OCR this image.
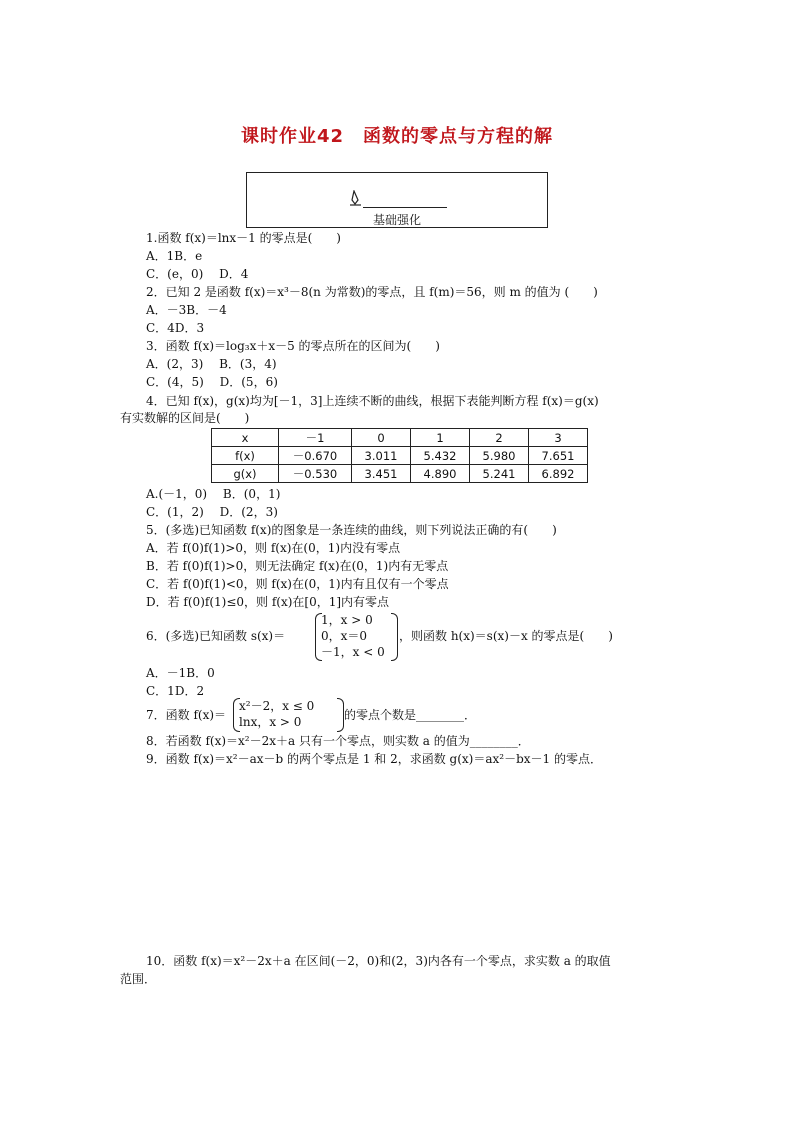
课时作业42　函数的零点与方程的解
基础强化
1.函数 f(x)＝lnx－1 的零点是(　　)
A．1B．e
C．(e，0)　 D．4
2．已知 2 是函数 f(x)＝x³－8(n 为常数)的零点，且 f(m)＝56，则 m 的值为 (　　)
A．－3B．－4
C．4D．3
3．函数 f(x)＝log₃x＋x－5 的零点所在的区间为(　　)
A．(2，3)　 B．(3，4)
C．(4，5)　 D．(5，6)
4．已知 f(x)，g(x)均为[－1，3]上连续不断的曲线，根据下表能判断方程 f(x)＝g(x)
有实数解的区间是(　　)
x	－1	0	1	2	3
f(x)	－0.670	3.011	5.432	5.980	7.651
g(x)	－0.530	3.451	4.890	5.241	6.892
A.(－1，0)　 B．(0，1)
C．(1，2)　 D．(2，3)
5．(多选)已知函数 f(x)的图象是一条连续的曲线，则下列说法正确的有(　　)
A．若 f(0)f(1)>0，则 f(x)在(0，1)内没有零点
B．若 f(0)f(1)>0，则无法确定 f(x)在(0，1)内有无零点
C．若 f(0)f(1)<0，则 f(x)在(0，1)内有且仅有一个零点
D．若 f(0)f(1)≤0，则 f(x)在[0，1]内有零点
6．(多选)已知函数 s(x)＝
1，x > 0
0，x＝0
－1，x < 0
，则函数 h(x)＝s(x)－x 的零点是(　　)
A．－1B．0
C．1D．2
7．函数 f(x)＝
x²－2，x ≤ 0
lnx，x > 0	的零点个数是________．
8．若函数 f(x)＝x²－2x＋a 只有一个零点，则实数 a 的值为________．
9．函数 f(x)＝x²－ax－b 的两个零点是 1 和 2，求函数 g(x)＝ax²－bx－1 的零点．
10．函数 f(x)＝x²－2x＋a 在区间(－2，0)和(2，3)内各有一个零点，求实数 a 的取值
范围．
